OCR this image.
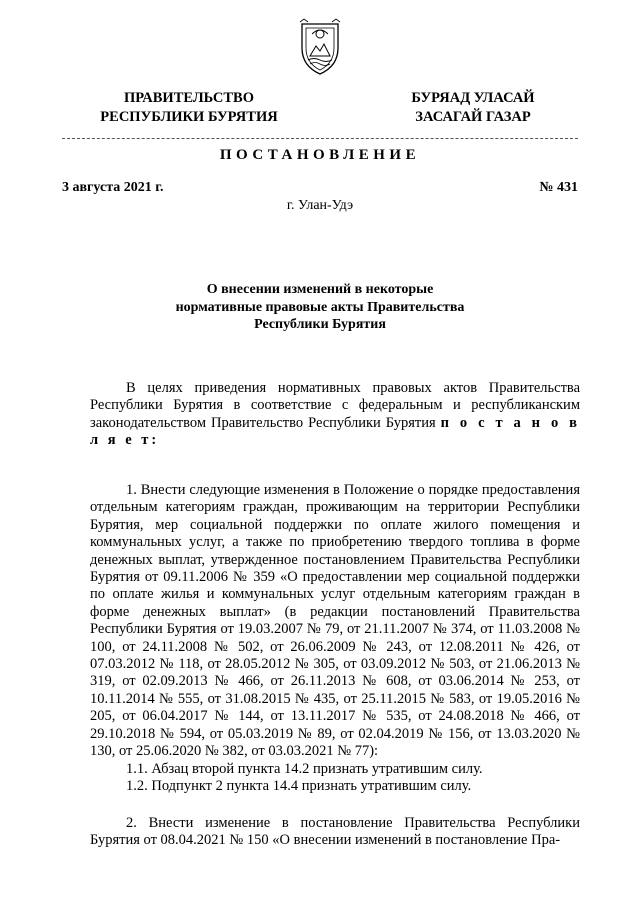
ПРАВИТЕЛЬСТВО
РЕСПУБЛИКИ БУРЯТИЯ
БУРЯАД УЛАСАЙ
ЗАСАГАЙ ГАЗАР
ПОСТАНОВЛЕНИЕ
3 августа 2021 г.	№ 431
г. Улан-Удэ
О внесении изменений в некоторые
нормативные правовые акты Правительства
Республики Бурятия

В целях приведения нормативных правовых актов Правительства Республики Бурятия в соответствие с федеральным и республиканским законодательством Правительство Республики Бурятия п о с т а н о в л я е т:

1. Внести следующие изменения в Положение о порядке предоставления отдельным категориям граждан, проживающим на территории Республики Бурятия, мер социальной поддержки по оплате жилого помещения и коммунальных услуг, а также по приобретению твердого топлива в форме денежных выплат, утвержденное постановлением Правительства Республики Бурятия от 09.11.2006 № 359 «О предоставлении мер социальной поддержки по оплате жилья и коммунальных услуг отдельным категориям граждан в форме денежных выплат» (в редакции постановлений Правительства Республики Бурятия от 19.03.2007 № 79, от 21.11.2007 № 374, от 11.03.2008 № 100, от 24.11.2008 № 502, от 26.06.2009 № 243, от 12.08.2011 № 426, от 07.03.2012 № 118, от 28.05.2012 № 305, от 03.09.2012 № 503, от 21.06.2013 № 319, от 02.09.2013 № 466, от 26.11.2013 № 608, от 03.06.2014 № 253, от 10.11.2014 № 555, от 31.08.2015 № 435, от 25.11.2015 № 583, от 19.05.2016 № 205, от 06.04.2017 № 144, от 13.11.2017 № 535, от 24.08.2018 № 466, от 29.10.2018 № 594, от 05.03.2019 № 89, от 02.04.2019 № 156, от 13.03.2020 № 130, от 25.06.2020 № 382, от 03.03.2021 № 77):

1.1. Абзац второй пункта 14.2 признать утратившим силу.

1.2. Подпункт 2 пункта 14.4 признать утратившим силу.

2. Внести изменение в постановление Правительства Республики Бурятия от 08.04.2021 № 150 «О внесении изменений в постановление Пра-
